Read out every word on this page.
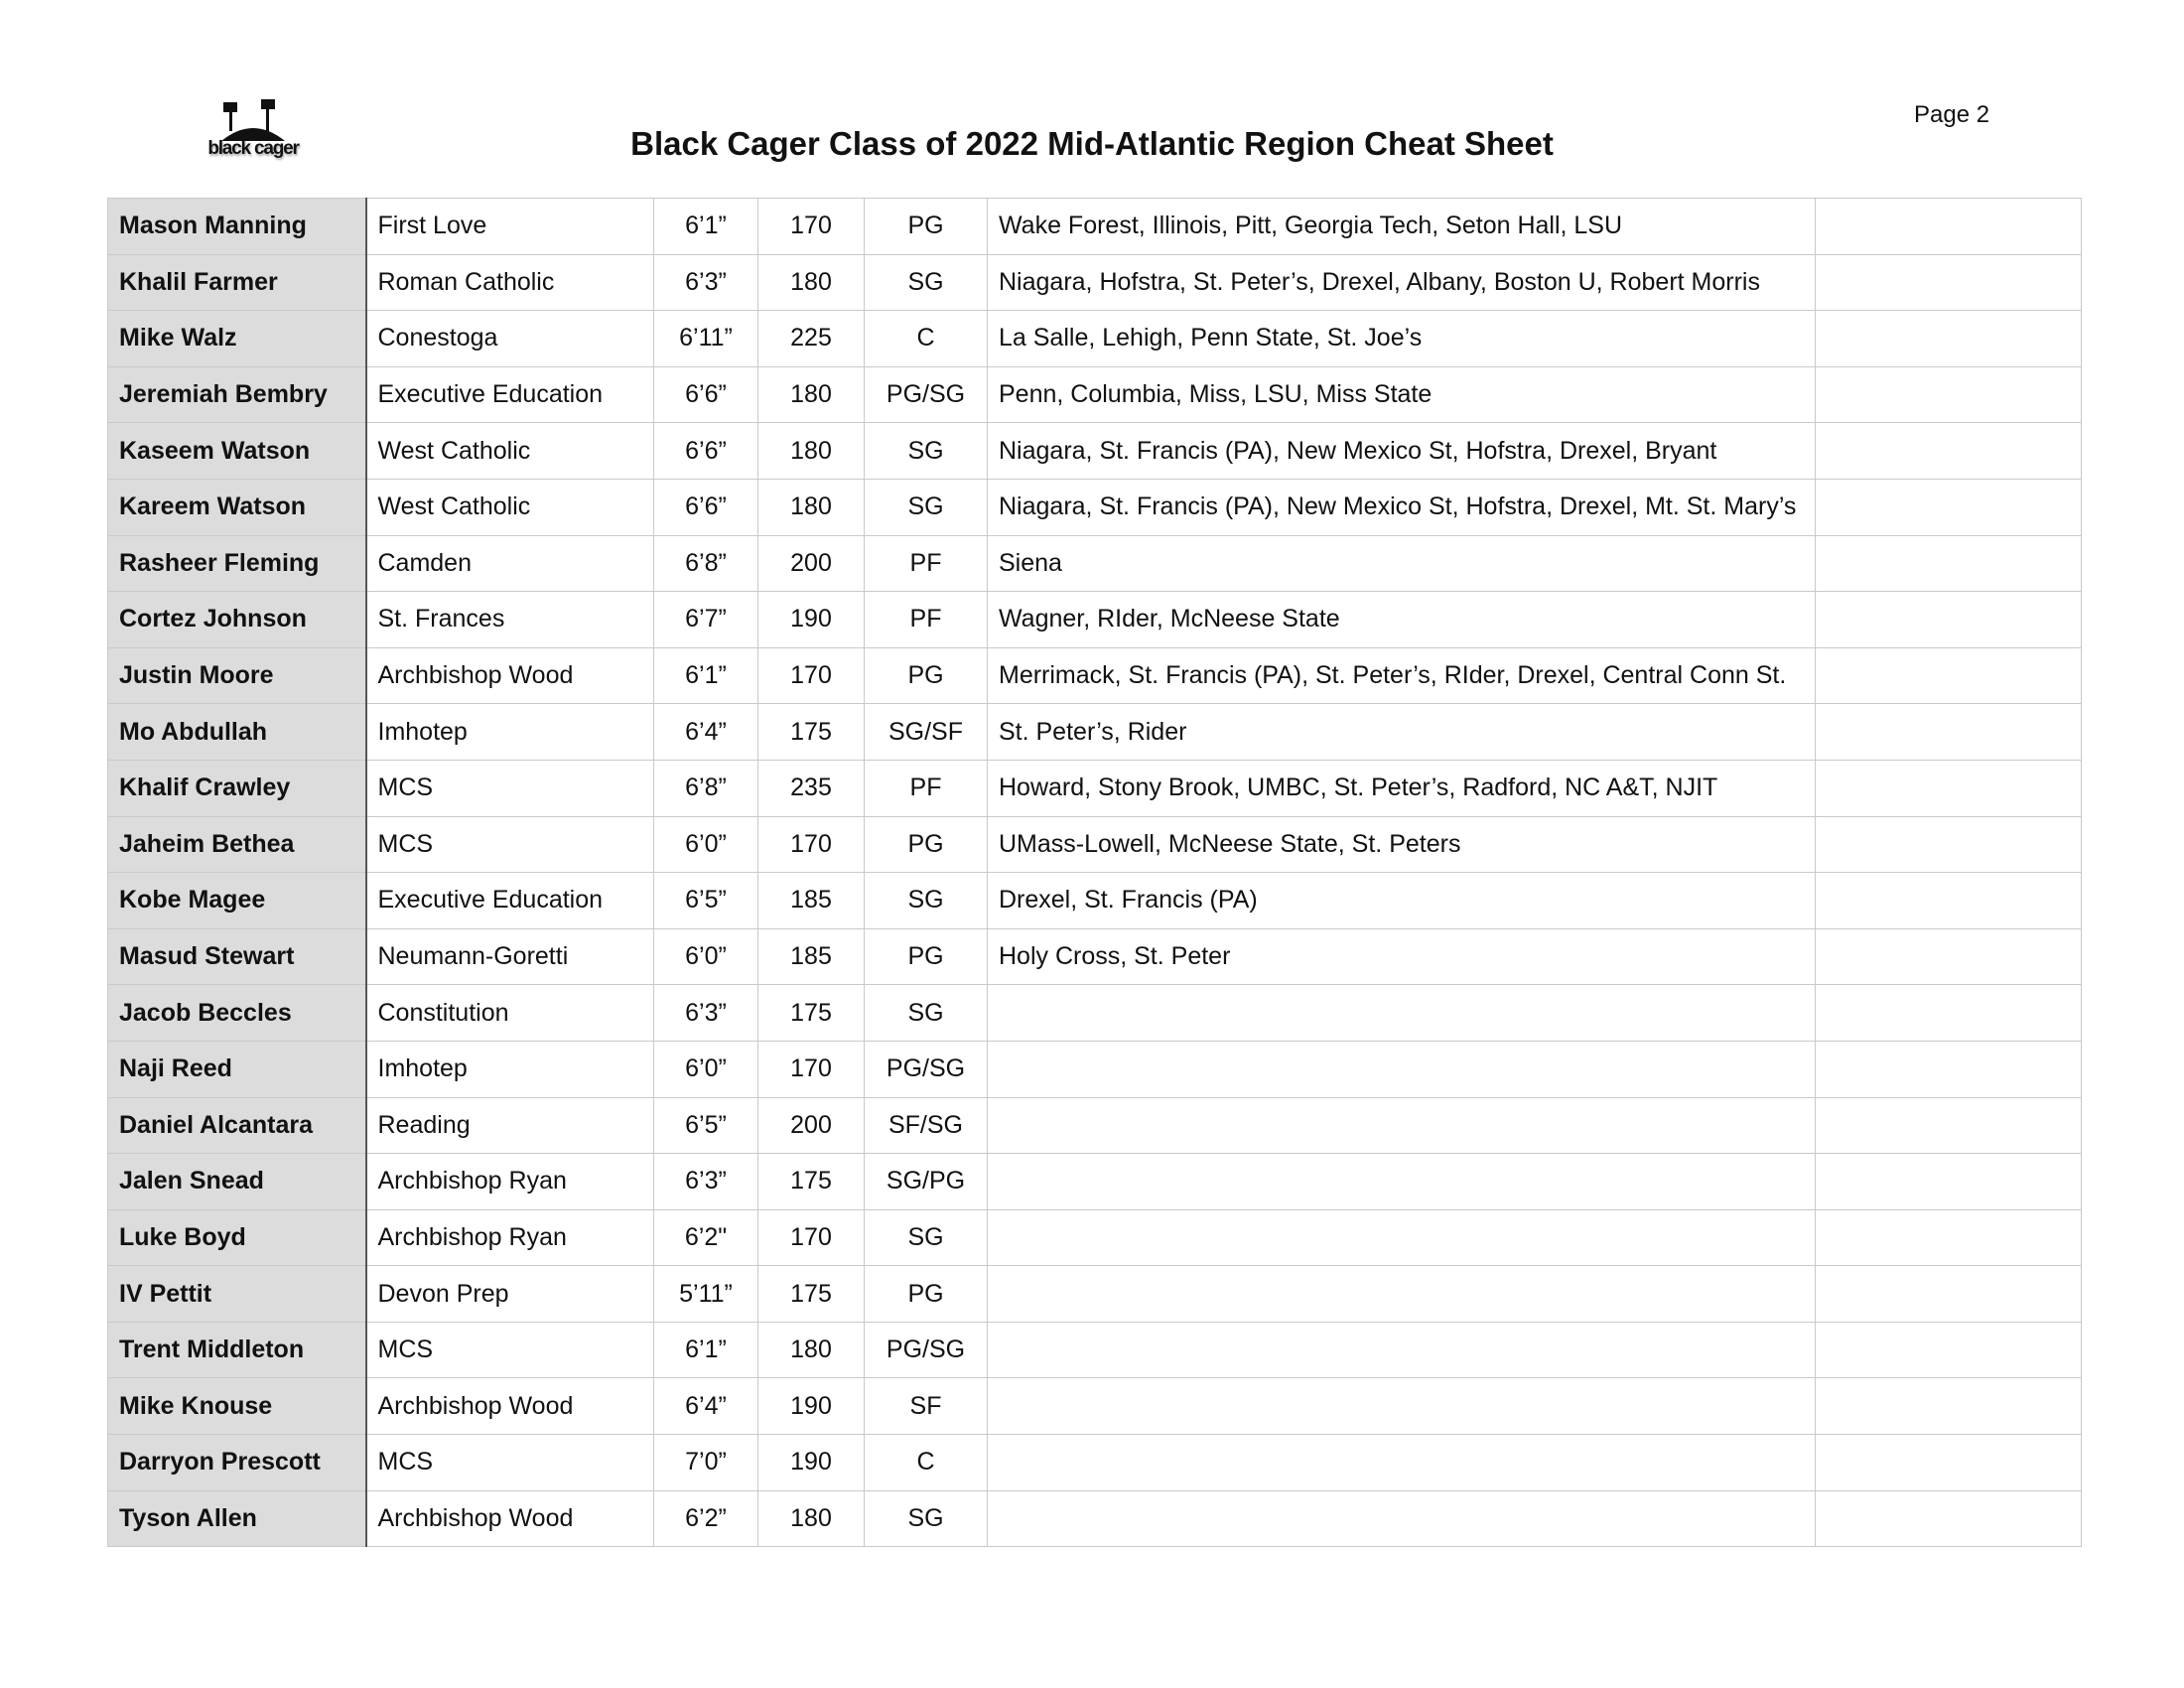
black cager	Black Cager Class of 2022 Mid-Atlantic Region Cheat Sheet
Page 2
Mason Manning	First Love	6’1”	170	PG	Wake Forest, Illinois, Pitt, Georgia Tech, Seton Hall, LSU	
Khalil Farmer	Roman Catholic	6’3”	180	SG	Niagara, Hofstra, St. Peter’s, Drexel, Albany, Boston U, Robert Morris	
Mike Walz	Conestoga	6’11”	225	C	La Salle, Lehigh, Penn State, St. Joe’s	
Jeremiah Bembry	Executive Education	6’6”	180	PG/SG	Penn, Columbia, Miss, LSU, Miss State	
Kaseem Watson	West Catholic	6’6”	180	SG	Niagara, St. Francis (PA), New Mexico St, Hofstra, Drexel, Bryant	
Kareem Watson	West Catholic	6’6”	180	SG	Niagara, St. Francis (PA), New Mexico St, Hofstra, Drexel, Mt. St. Mary’s	
Rasheer Fleming	Camden	6’8”	200	PF	Siena	
Cortez Johnson	St. Frances	6’7”	190	PF	Wagner, RIder, McNeese State	
Justin Moore	Archbishop Wood	6’1”	170	PG	Merrimack, St. Francis (PA), St. Peter’s, RIder, Drexel, Central Conn St.	
Mo Abdullah	Imhotep	6’4”	175	SG/SF	St. Peter’s, Rider	
Khalif Crawley	MCS	6’8”	235	PF	Howard, Stony Brook, UMBC, St. Peter’s, Radford, NC A&T, NJIT	
Jaheim Bethea	MCS	6’0”	170	PG	UMass-Lowell, McNeese State, St. Peters	
Kobe Magee	Executive Education	6’5”	185	SG	Drexel, St. Francis (PA)	
Masud Stewart	Neumann-Goretti	6’0”	185	PG	Holy Cross, St. Peter	
Jacob Beccles	Constitution	6’3”	175	SG		
Naji Reed	Imhotep	6’0”	170	PG/SG		
Daniel Alcantara	Reading	6’5”	200	SF/SG		
Jalen Snead	Archbishop Ryan	6’3”	175	SG/PG		
Luke Boyd	Archbishop Ryan	6’2"	170	SG		
IV Pettit	Devon Prep	5’11”	175	PG		
Trent Middleton	MCS	6’1”	180	PG/SG		
Mike Knouse	Archbishop Wood	6’4”	190	SF		
Darryon Prescott	MCS	7’0”	190	C		
Tyson Allen	Archbishop Wood	6’2”	180	SG		
